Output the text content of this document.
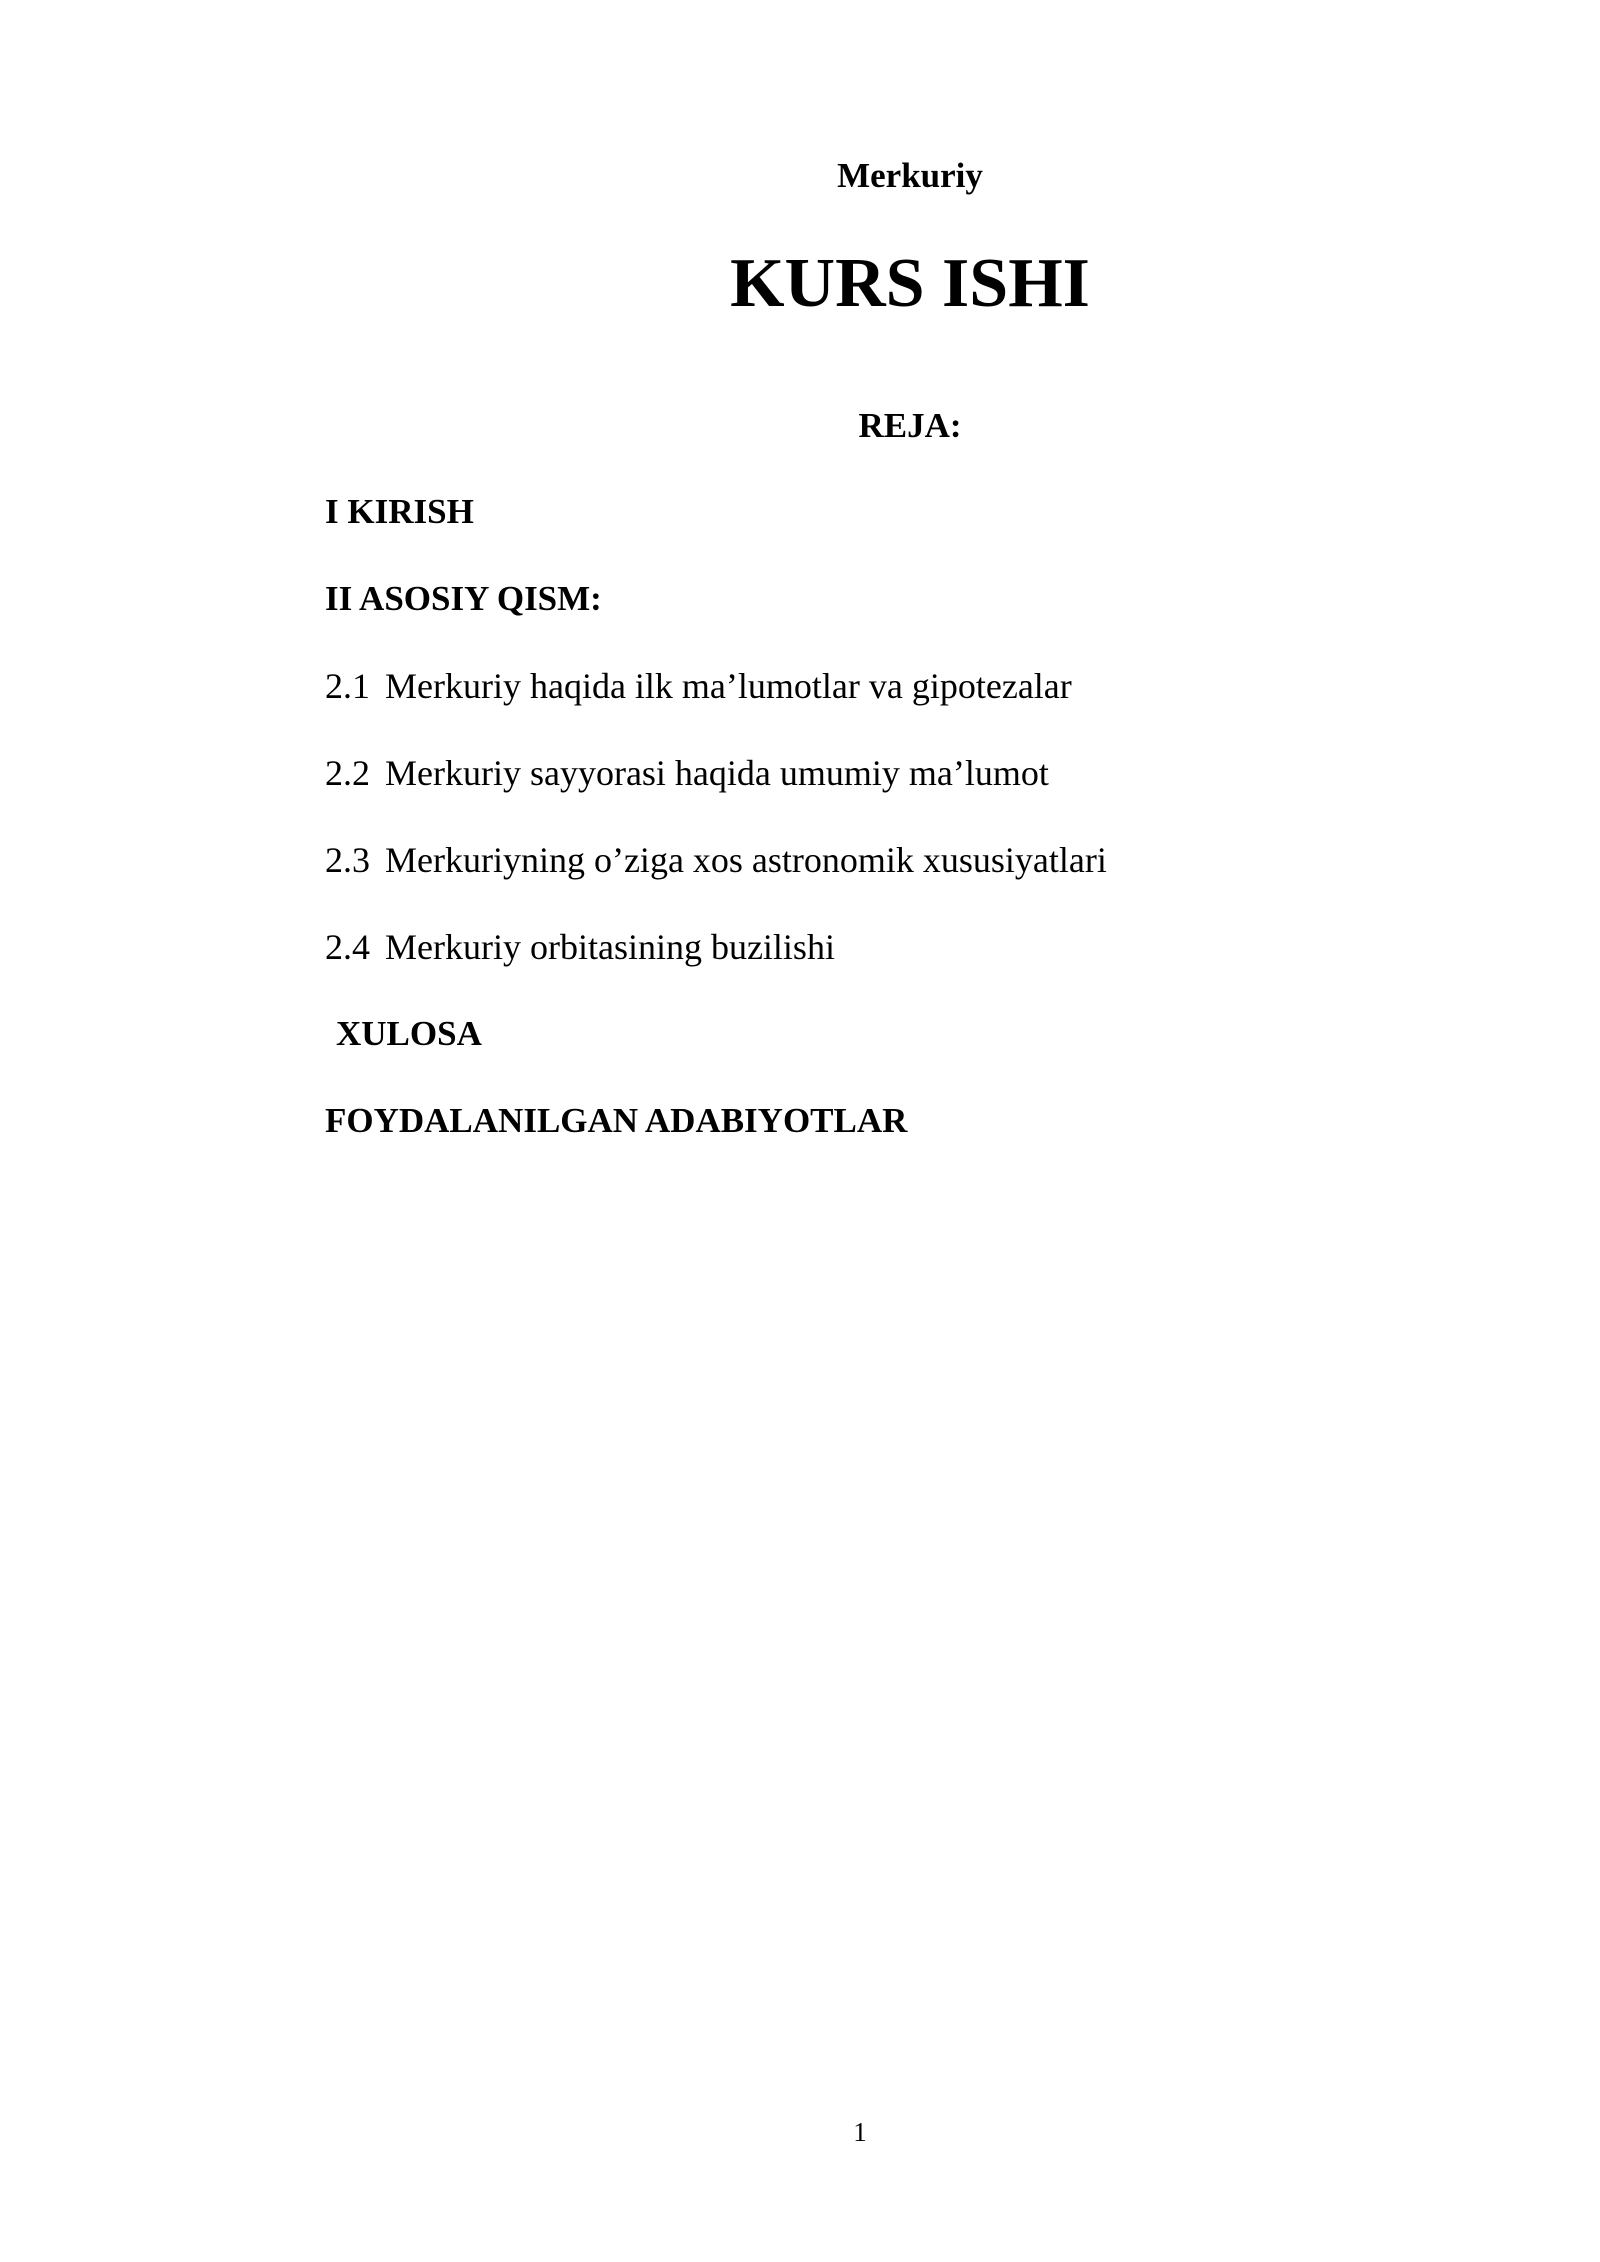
Merkuriy
KURS ISHI
REJA:
I KIRISH
II ASOSIY QISM:
2.1 Merkuriy haqida ilk ma’lumotlar va gipotezalar
2.2 Merkuriy sayyorasi haqida umumiy ma’lumot
2.3 Merkuriyning o’ziga xos astronomik xususiyatlari
2.4 Merkuriy orbitasining buzilishi
XULOSA
FOYDALANILGAN ADABIYOTLAR
1
